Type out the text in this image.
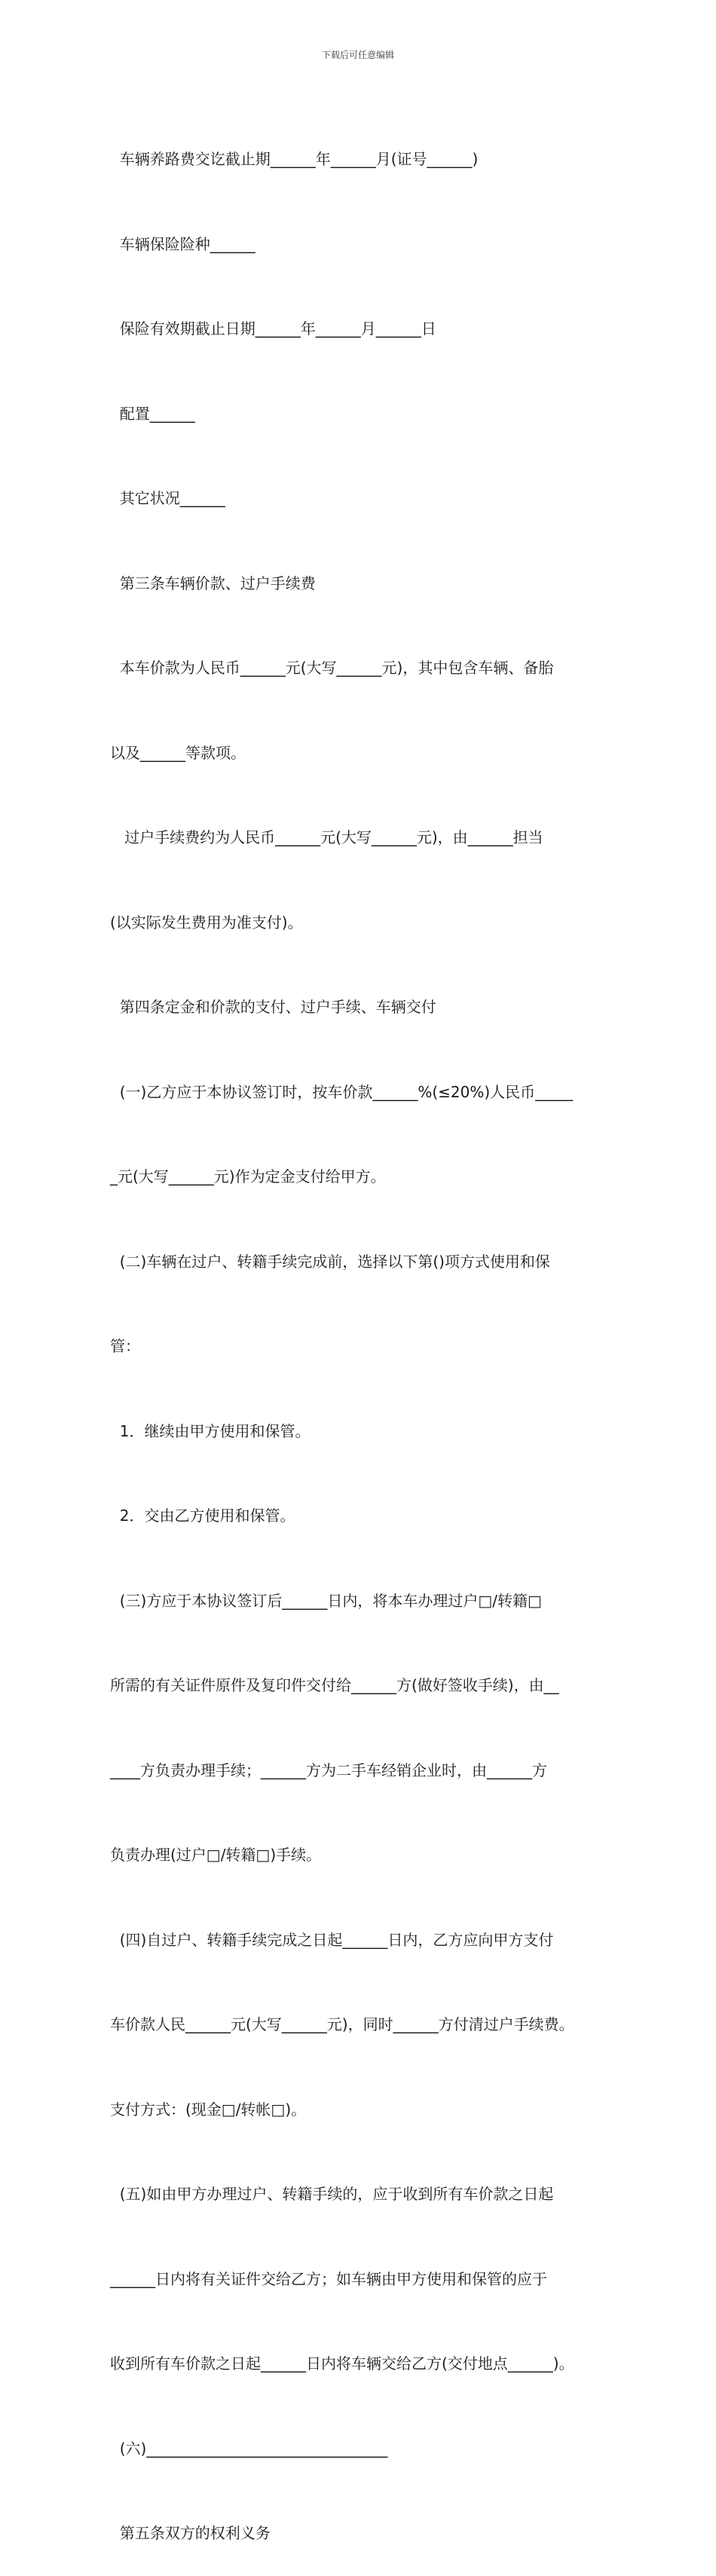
下载后可任意编辑

车辆养路费交讫截止期______年______月(证号______)

车辆保险险种______

保险有效期截止日期______年______月______日

配置______

其它状况______

第三条车辆价款、过户手续费

本车价款为人民币______元(大写______元)，其中包含车辆、备胎

以及______等款项。

过户手续费约为人民币______元(大写______元)，由______担当

(以实际发生费用为准支付)。

第四条定金和价款的支付、过户手续、车辆交付

(一)乙方应于本协议签订时，按车价款______%(≤20%)人民币_____

_元(大写______元)作为定金支付给甲方。

(二)车辆在过户、转籍手续完成前，选择以下第()项方式使用和保

管：

1．继续由甲方使用和保管。

2．交由乙方使用和保管。

(三)方应于本协议签订后______日内，将本车办理过户□/转籍□

所需的有关证件原件及复印件交付给______方(做好签收手续)，由__

____方负责办理手续；______方为二手车经销企业时，由______方

负责办理(过户□/转籍□)手续。

(四)自过户、转籍手续完成之日起______日内，乙方应向甲方支付

车价款人民______元(大写______元)，同时______方付清过户手续费。

支付方式：(现金□/转帐□)。

(五)如由甲方办理过户、转籍手续的，应于收到所有车价款之日起

______日内将有关证件交给乙方；如车辆由甲方使用和保管的应于

收到所有车价款之日起______日内将车辆交给乙方(交付地点______)。

(六)________________________________

第五条双方的权利义务
